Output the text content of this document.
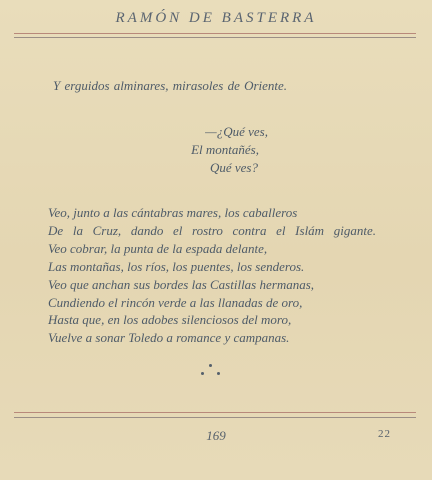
RAMÓN DE BASTERRA
Y erguidos alminares, mirasoles de Oriente.
—¿Qué ves,
El montañés,
Qué ves?
Veo, junto a las cántabras mares, los caballeros
De la Cruz, dando el rostro contra el Islám gigante.
Veo cobrar, la punta de la espada delante,
Las montañas, los ríos, los puentes, los senderos.
Veo que anchan sus bordes las Castillas hermanas,
Cundiendo el rincón verde a las llanadas de oro,
Hasta que, en los adobes silenciosos del moro,
Vuelve a sonar Toledo a romance y campanas.
169	22
